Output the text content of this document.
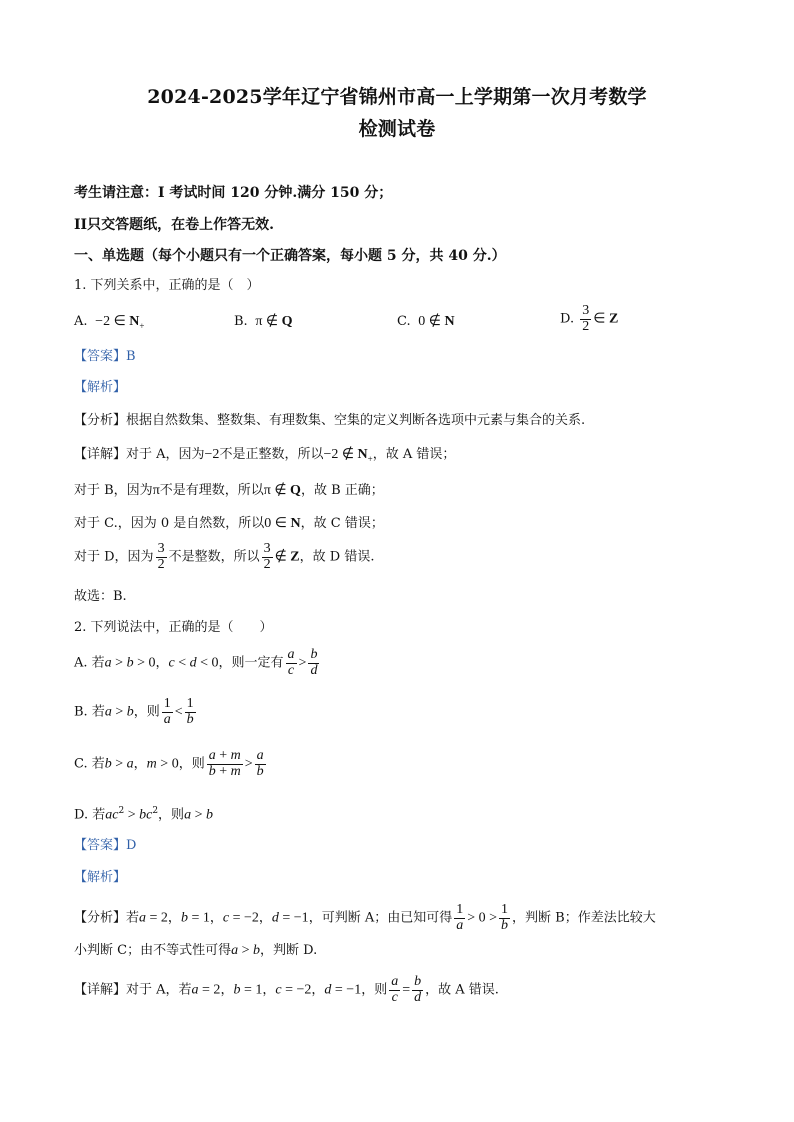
2024-2025学年辽宁省锦州市高一上学期第一次月考数学
检测试卷
考生请注意：I 考试时间 120 分钟.满分 150 分；
II只交答题纸，在卷上作答无效.
一、单选题（每个小题只有一个正确答案，每小题 5 分，共 40 分.）
1. 下列关系中，正确的是（　）
A.  −2 ∈ $N_+$	B.  π ∉ Q	C.  0 ∉ N	D. $\frac{3}{2}$ ∈ Z
【答案】B
【解析】
【分析】根据自然数集、整数集、有理数集、空集的定义判断各选项中元素与集合的关系.
【详解】对于 A，因为−2不是正整数，所以−2 ∉ $N_+$，故 A 错误；
对于 B，因为π不是有理数，所以π ∉ Q，故 B 正确；
对于 C.，因为 0 是自然数，所以0 ∈ N，故 C 错误；
对于 D，因为 $\frac{3}{2}$ 不是整数，所以 $\frac{3}{2}$ ∉ Z，故 D 错误.
故选：B.
2. 下列说法中，正确的是（　　）
A. 若a > b > 0，c < d < 0，则一定有 $\frac{a}{c} > \frac{b}{d}$
B. 若a > b，则 $\frac{1}{a} < \frac{1}{b}$
C. 若b > a，m > 0，则 $\frac{a + m}{b + m} > \frac{a}{b}$
D. 若$ac^2 > bc^2$，则a > b
【答案】D
【解析】
【分析】若a = 2，b = 1，c = −2，d = −1，可判断 A；由已知可得 $\frac{1}{a} > 0 > \frac{1}{b}$ ，判断 B；作差法比较大
小判断 C；由不等式性可得a > b，判断 D.
【详解】对于 A，若a = 2，b = 1，c = −2，d = −1，则 $\frac{a}{c} = \frac{b}{d}$ ，故 A 错误.
